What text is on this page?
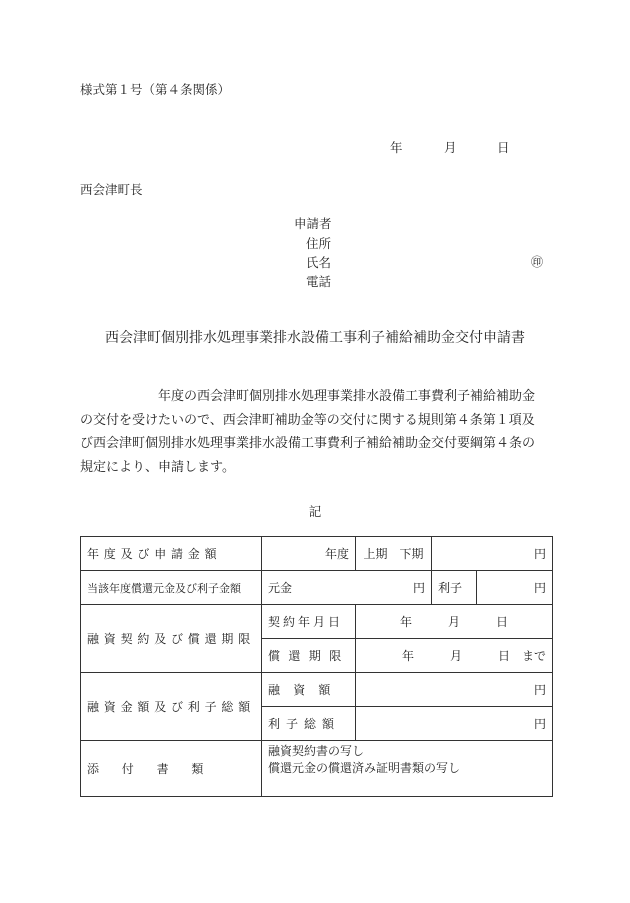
様式第１号（第４条関係）
年	月	日
西会津町長
申請者
住所
氏名	㊞
電話
西会津町個別排水処理事業排水設備工事利子補給補助金交付申請書

　　　　　　年度の西会津町個別排水処理事業排水設備工事費利子補給補助金

の交付を受けたいので、西会津町補助金等の交付に関する規則第４条第１項及

び西会津町個別排水処理事業排水設備工事費利子補給補助金交付要綱第４条の

規定により、申請します。

記
年度及び申請金額	年度	上期　下期	円	
当該年度償還元金及び利子金額	元金 円		利子	円
融資契約及び償還期限	契約年月日	年　　　月　　　日		
	償還期限	年　　　月　　　日　まで		
融資金額及び利子総額	融資額	円		
	利子総額	円		
添付書類	融資契約書の写し
償還元金の償還済み証明書類の写し			
